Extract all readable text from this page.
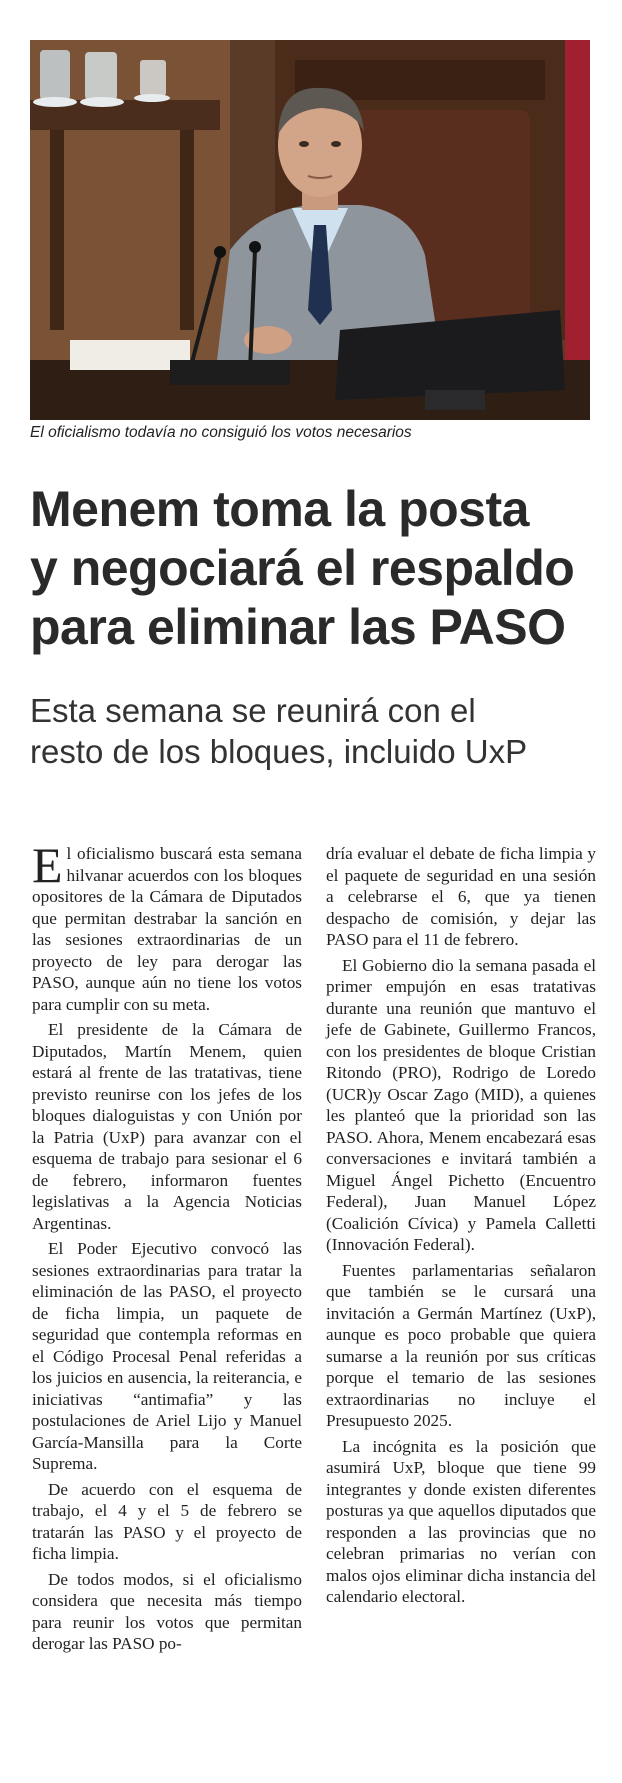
El oficialismo todavía no consiguió los votos necesarios
Menem toma la posta
y negociará el respaldo
para eliminar las PASO
Esta semana se reunirá con el
resto de los bloques, incluido UxP

El oficialismo buscará esta semana hilvanar acuerdos con los bloques opositores de la Cámara de Diputados que permitan destrabar la sanción en las sesiones extraordinarias de un proyecto de ley para derogar las PASO, aunque aún no tiene los votos para cumplir con su meta.

El presidente de la Cámara de Diputados, Martín Menem, quien estará al frente de las tratativas, tiene previsto reunirse con los jefes de los bloques dialoguistas y con Unión por la Patria (UxP) para avanzar con el esquema de trabajo para sesionar el 6 de febrero, informaron fuentes legislativas a la Agencia Noticias Argentinas.

El Poder Ejecutivo convocó las sesiones extraordinarias para tratar la eliminación de las PASO, el proyecto de ficha limpia, un paquete de seguridad que contempla reformas en el Código Procesal Penal referidas a los juicios en ausencia, la reiterancia, e iniciativas “antimafia” y las postulaciones de Ariel Lijo y Manuel García-Mansilla para la Corte Suprema.

De acuerdo con el esquema de trabajo, el 4 y el 5 de febrero se tratarán las PASO y el proyecto de ficha limpia.

De todos modos, si el oficialismo considera que necesita más tiempo para reunir los votos que permitan derogar las PASO po-

dría evaluar el debate de ficha limpia y el paquete de seguridad en una sesión a celebrarse el 6, que ya tienen despacho de comisión, y dejar las PASO para el 11 de febrero.

El Gobierno dio la semana pasada el primer empujón en esas tratativas durante una reunión que mantuvo el jefe de Gabinete, Guillermo Francos, con los presidentes de bloque Cristian Ritondo (PRO), Rodrigo de Loredo (UCR)y Oscar Zago (MID), a quienes les planteó que la prioridad son las PASO. Ahora, Menem encabezará esas conversaciones e invitará también a Miguel Ángel Pichetto (Encuentro Federal), Juan Manuel López (Coalición Cívica) y Pamela Calletti (Innovación Federal).

Fuentes parlamentarias señalaron que también se le cursará una invitación a Germán Martínez (UxP), aunque es poco probable que quiera sumarse a la reunión por sus críticas porque el temario de las sesiones extraordinarias no incluye el Presupuesto 2025.

La incógnita es la posición que asumirá UxP, bloque que tiene 99 integrantes y donde existen diferentes posturas ya que aquellos diputados que responden a las provincias que no celebran primarias no verían con malos ojos eliminar dicha instancia del calendario electoral.
